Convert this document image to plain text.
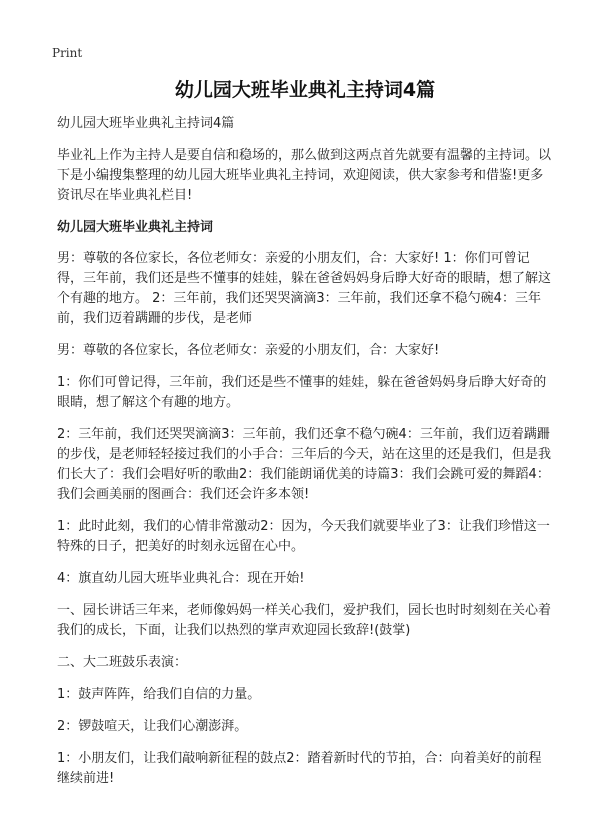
Print
幼儿园大班毕业典礼主持词4篇

幼儿园大班毕业典礼主持词4篇

毕业礼上作为主持人是要自信和稳场的，那么做到这两点首先就要有温馨的主持词。以下是小编搜集整理的幼儿园大班毕业典礼主持词，欢迎阅读，供大家参考和借鉴!更多资讯尽在毕业典礼栏目!

幼儿园大班毕业典礼主持词

男：尊敬的各位家长，各位老师女：亲爱的小朋友们，合：大家好! 1：你们可曾记得，三年前，我们还是些不懂事的娃娃，躲在爸爸妈妈身后睁大好奇的眼睛，想了解这个有趣的地方。 2：三年前，我们还哭哭滴滴3：三年前，我们还拿不稳勺碗4：三年前，我们迈着蹒跚的步伐，是老师

男：尊敬的各位家长，各位老师女：亲爱的小朋友们，合：大家好!

1：你们可曾记得，三年前，我们还是些不懂事的娃娃，躲在爸爸妈妈身后睁大好奇的眼睛，想了解这个有趣的地方。

2：三年前，我们还哭哭滴滴3：三年前，我们还拿不稳勺碗4：三年前，我们迈着蹒跚的步伐，是老师轻轻接过我们的小手合：三年后的今天，站在这里的还是我们，但是我们长大了：我们会唱好听的歌曲2：我们能朗诵优美的诗篇3：我们会跳可爱的舞蹈4：我们会画美丽的图画合：我们还会许多本领!

1：此时此刻，我们的心情非常激动2：因为，今天我们就要毕业了3：让我们珍惜这一特殊的日子，把美好的时刻永远留在心中。

4：旗直幼儿园大班毕业典礼合：现在开始!

一、园长讲话三年来，老师像妈妈一样关心我们，爱护我们，园长也时时刻刻在关心着我们的成长，下面，让我们以热烈的掌声欢迎园长致辞!(鼓掌)

二、大二班鼓乐表演：

1：鼓声阵阵，给我们自信的力量。

2：锣鼓喧天，让我们心潮澎湃。

1：小朋友们，让我们敲响新征程的鼓点2：踏着新时代的节拍，合：向着美好的前程继续前进!
